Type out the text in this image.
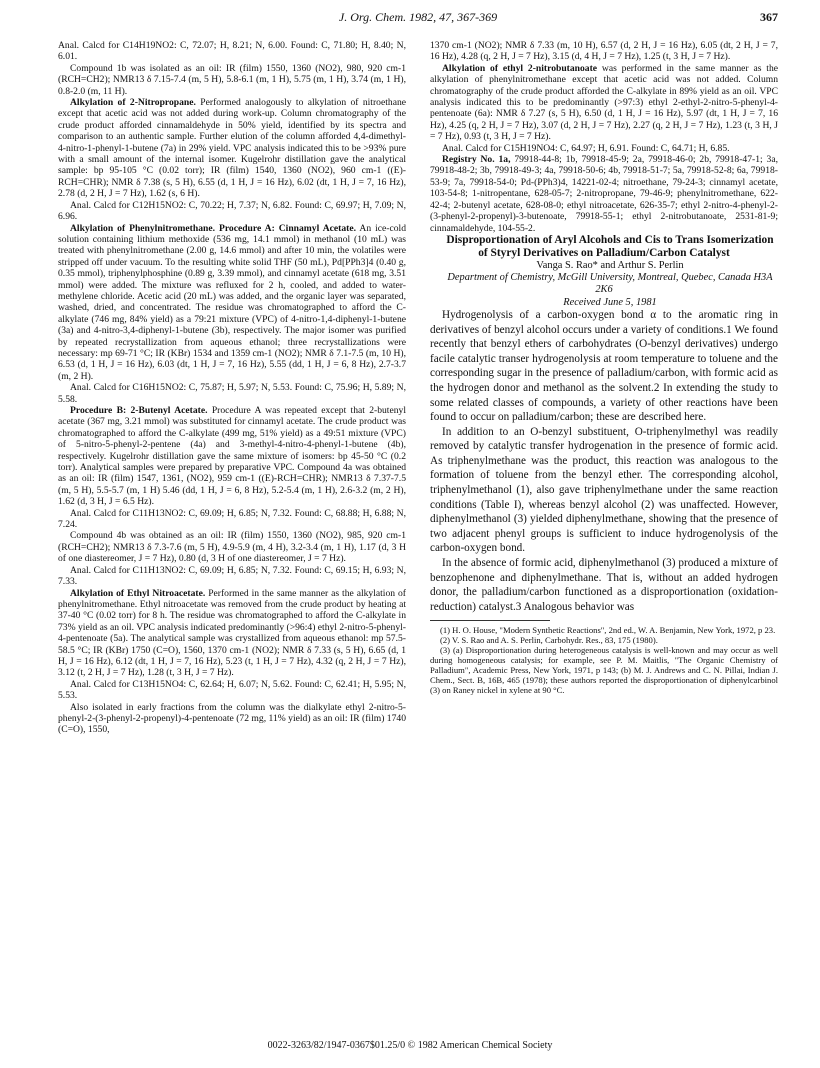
J. Org. Chem. 1982, 47, 367-369	367

Anal. Calcd for C14H19NO2: C, 72.07; H, 8.21; N, 6.00. Found: C, 71.80; H, 8.40; N, 6.01.

Compound 1b was isolated as an oil: IR (film) 1550, 1360 (NO2), 980, 920 cm-1 (RCH=CH2); NMR13 δ 7.15-7.4 (m, 5 H), 5.8-6.1 (m, 1 H), 5.75 (m, 1 H), 3.74 (m, 1 H), 0.8-2.0 (m, 11 H).

Alkylation of 2-Nitropropane. Performed analogously to alkylation of nitroethane except that acetic acid was not added during work-up. Column chromatography of the crude product afforded cinnamaldehyde in 50% yield, identified by its spectra and comparison to an authentic sample. Further elution of the column afforded 4,4-dimethyl-4-nitro-1-phenyl-1-butene (7a) in 29% yield. VPC analysis indicated this to be >93% pure with a small amount of the internal isomer. Kugelrohr distillation gave the analytical sample: bp 95-105 °C (0.02 torr); IR (film) 1540, 1360 (NO2), 960 cm-1 ((E)-RCH=CHR); NMR δ 7.38 (s, 5 H), 6.55 (d, 1 H, J = 16 Hz), 6.02 (dt, 1 H, J = 7, 16 Hz), 2.78 (d, 2 H, J = 7 Hz), 1.62 (s, 6 H).

Anal. Calcd for C12H15NO2: C, 70.22; H, 7.37; N, 6.82. Found: C, 69.97; H, 7.09; N, 6.96.

Alkylation of Phenylnitromethane. Procedure A: Cinnamyl Acetate. An ice-cold solution containing lithium methoxide (536 mg, 14.1 mmol) in methanol (10 mL) was treated with phenylnitromethane (2.00 g, 14.6 mmol) and after 10 min, the volatiles were stripped off under vacuum. To the resulting white solid THF (50 mL), Pd[PPh3]4 (0.40 g, 0.35 mmol), triphenylphosphine (0.89 g, 3.39 mmol), and cinnamyl acetate (618 mg, 3.51 mmol) were added. The mixture was refluxed for 2 h, cooled, and added to water-methylene chloride. Acetic acid (20 mL) was added, and the organic layer was separated, washed, dried, and concentrated. The residue was chromatographed to afford the C-alkylate (746 mg, 84% yield) as a 79:21 mixture (VPC) of 4-nitro-1,4-diphenyl-1-butene (3a) and 4-nitro-3,4-diphenyl-1-butene (3b), respectively. The major isomer was purified by repeated recrystallization from aqueous ethanol; three recrystallizations were necessary: mp 69-71 °C; IR (KBr) 1534 and 1359 cm-1 (NO2); NMR δ 7.1-7.5 (m, 10 H), 6.53 (d, 1 H, J = 16 Hz), 6.03 (dt, 1 H, J = 7, 16 Hz), 5.55 (dd, 1 H, J = 6, 8 Hz), 2.7-3.7 (m, 2 H).

Anal. Calcd for C16H15NO2: C, 75.87; H, 5.97; N, 5.53. Found: C, 75.96; H, 5.89; N, 5.58.

Procedure B: 2-Butenyl Acetate. Procedure A was repeated except that 2-butenyl acetate (367 mg, 3.21 mmol) was substituted for cinnamyl acetate. The crude product was chromatographed to afford the C-alkylate (499 mg, 51% yield) as a 49:51 mixture (VPC) of 5-nitro-5-phenyl-2-pentene (4a) and 3-methyl-4-nitro-4-phenyl-1-butene (4b), respectively. Kugelrohr distillation gave the same mixture of isomers: bp 45-50 °C (0.2 torr). Analytical samples were prepared by preparative VPC. Compound 4a was obtained as an oil: IR (film) 1547, 1361, (NO2), 959 cm-1 ((E)-RCH=CHR); NMR13 δ 7.37-7.5 (m, 5 H), 5.5-5.7 (m, 1 H) 5.46 (dd, 1 H, J = 6, 8 Hz), 5.2-5.4 (m, 1 H), 2.6-3.2 (m, 2 H), 1.62 (d, 3 H, J = 6.5 Hz).

Anal. Calcd for C11H13NO2: C, 69.09; H, 6.85; N, 7.32. Found: C, 68.88; H, 6.88; N, 7.24.

Compound 4b was obtained as an oil: IR (film) 1550, 1360 (NO2), 985, 920 cm-1 (RCH=CH2); NMR13 δ 7.3-7.6 (m, 5 H), 4.9-5.9 (m, 4 H), 3.2-3.4 (m, 1 H), 1.17 (d, 3 H of one diastereomer, J = 7 Hz), 0.80 (d, 3 H of one diastereomer, J = 7 Hz).

Anal. Calcd for C11H13NO2: C, 69.09; H, 6.85; N, 7.32. Found: C, 69.15; H, 6.93; N, 7.33.

Alkylation of Ethyl Nitroacetate. Performed in the same manner as the alkylation of phenylnitromethane. Ethyl nitroacetate was removed from the crude product by heating at 37-40 °C (0.02 torr) for 8 h. The residue was chromatographed to afford the C-alkylate in 73% yield as an oil. VPC analysis indicated predominantly (>96:4) ethyl 2-nitro-5-phenyl-4-pentenoate (5a). The analytical sample was crystallized from aqueous ethanol: mp 57.5-58.5 °C; IR (KBr) 1750 (C=O), 1560, 1370 cm-1 (NO2); NMR δ 7.33 (s, 5 H), 6.65 (d, 1 H, J = 16 Hz), 6.12 (dt, 1 H, J = 7, 16 Hz), 5.23 (t, 1 H, J = 7 Hz), 4.32 (q, 2 H, J = 7 Hz), 3.12 (t, 2 H, J = 7 Hz), 1.28 (t, 3 H, J = 7 Hz).

Anal. Calcd for C13H15NO4: C, 62.64; H, 6.07; N, 5.62. Found: C, 62.41; H, 5.95; N, 5.53.

Also isolated in early fractions from the column was the dialkylate ethyl 2-nitro-5-phenyl-2-(3-phenyl-2-propenyl)-4-pentenoate (72 mg, 11% yield) as an oil: IR (film) 1740 (C=O), 1550,

1370 cm-1 (NO2); NMR δ 7.33 (m, 10 H), 6.57 (d, 2 H, J = 16 Hz), 6.05 (dt, 2 H, J = 7, 16 Hz), 4.28 (q, 2 H, J = 7 Hz), 3.15 (d, 4 H, J = 7 Hz), 1.25 (t, 3 H, J = 7 Hz).

Alkylation of ethyl 2-nitrobutanoate was performed in the same manner as the alkylation of phenylnitromethane except that acetic acid was not added. Column chromatography of the crude product afforded the C-alkylate in 89% yield as an oil. VPC analysis indicated this to be predominantly (>97:3) ethyl 2-ethyl-2-nitro-5-phenyl-4-pentenoate (6a): NMR δ 7.27 (s, 5 H), 6.50 (d, 1 H, J = 16 Hz), 5.97 (dt, 1 H, J = 7, 16 Hz), 4.25 (q, 2 H, J = 7 Hz), 3.07 (d, 2 H, J = 7 Hz), 2.27 (q, 2 H, J = 7 Hz), 1.23 (t, 3 H, J = 7 Hz), 0.93 (t, 3 H, J = 7 Hz).

Anal. Calcd for C15H19NO4: C, 64.97; H, 6.91. Found: C, 64.71; H, 6.85.

Registry No. 1a, 79918-44-8; 1b, 79918-45-9; 2a, 79918-46-0; 2b, 79918-47-1; 3a, 79918-48-2; 3b, 79918-49-3; 4a, 79918-50-6; 4b, 79918-51-7; 5a, 79918-52-8; 6a, 79918-53-9; 7a, 79918-54-0; Pd-(PPh3)4, 14221-02-4; nitroethane, 79-24-3; cinnamyl acetate, 103-54-8; 1-nitropentane, 628-05-7; 2-nitropropane, 79-46-9; phenylnitromethane, 622-42-4; 2-butenyl acetate, 628-08-0; ethyl nitroacetate, 626-35-7; ethyl 2-nitro-4-phenyl-2-(3-phenyl-2-propenyl)-3-butenoate, 79918-55-1; ethyl 2-nitrobutanoate, 2531-81-9; cinnamaldehyde, 104-55-2.

Disproportionation of Aryl Alcohols and Cis to Trans Isomerization of Styryl Derivatives on Palladium/Carbon Catalyst

Vanga S. Rao* and Arthur S. Perlin

Department of Chemistry, McGill University, Montreal, Quebec, Canada H3A 2K6

Received June 5, 1981

Hydrogenolysis of a carbon-oxygen bond α to the aromatic ring in derivatives of benzyl alcohol occurs under a variety of conditions.1 We found recently that benzyl ethers of carbohydrates (O-benzyl derivatives) undergo facile catalytic transer hydrogenolysis at room temperature to toluene and the corresponding sugar in the presence of palladium/carbon, with formic acid as the hydrogen donor and methanol as the solvent.2 In extending the study to some related classes of compounds, a variety of other reactions have been found to occur on palladium/carbon; these are described here.

In addition to an O-benzyl substituent, O-triphenylmethyl was readily removed by catalytic transfer hydrogenation in the presence of formic acid. As triphenylmethane was the product, this reaction was analogous to the formation of toluene from the benzyl ether. The corresponding alcohol, triphenylmethanol (1), also gave triphenylmethane under the same reaction conditions (Table I), whereas benzyl alcohol (2) was unaffected. However, diphenylmethanol (3) yielded diphenylmethane, showing that the presence of two adjacent phenyl groups is sufficient to induce hydrogenolysis of the carbon-oxygen bond.

In the absence of formic acid, diphenylmethanol (3) produced a mixture of benzophenone and diphenylmethane. That is, without an added hydrogen donor, the palladium/carbon functioned as a disproportionation (oxidation-reduction) catalyst.3 Analogous behavior was

(1) H. O. House, "Modern Synthetic Reactions", 2nd ed., W. A. Benjamin, New York, 1972, p 23.

(2) V. S. Rao and A. S. Perlin, Carbohydr. Res., 83, 175 (1980).

(3) (a) Disproportionation during heterogeneous catalysis is well-known and may occur as well during homogeneous catalysis; for example, see P. M. Maitlis, "The Organic Chemistry of Palladium", Academic Press, New York, 1971, p 143; (b) M. J. Andrews and C. N. Pillai, Indian J. Chem., Sect. B, 16B, 465 (1978); these authors reported the disproportionation of diphenylcarbinol (3) on Raney nickel in xylene at 90 °C.

0022-3263/82/1947-0367$01.25/0 © 1982 American Chemical Society
